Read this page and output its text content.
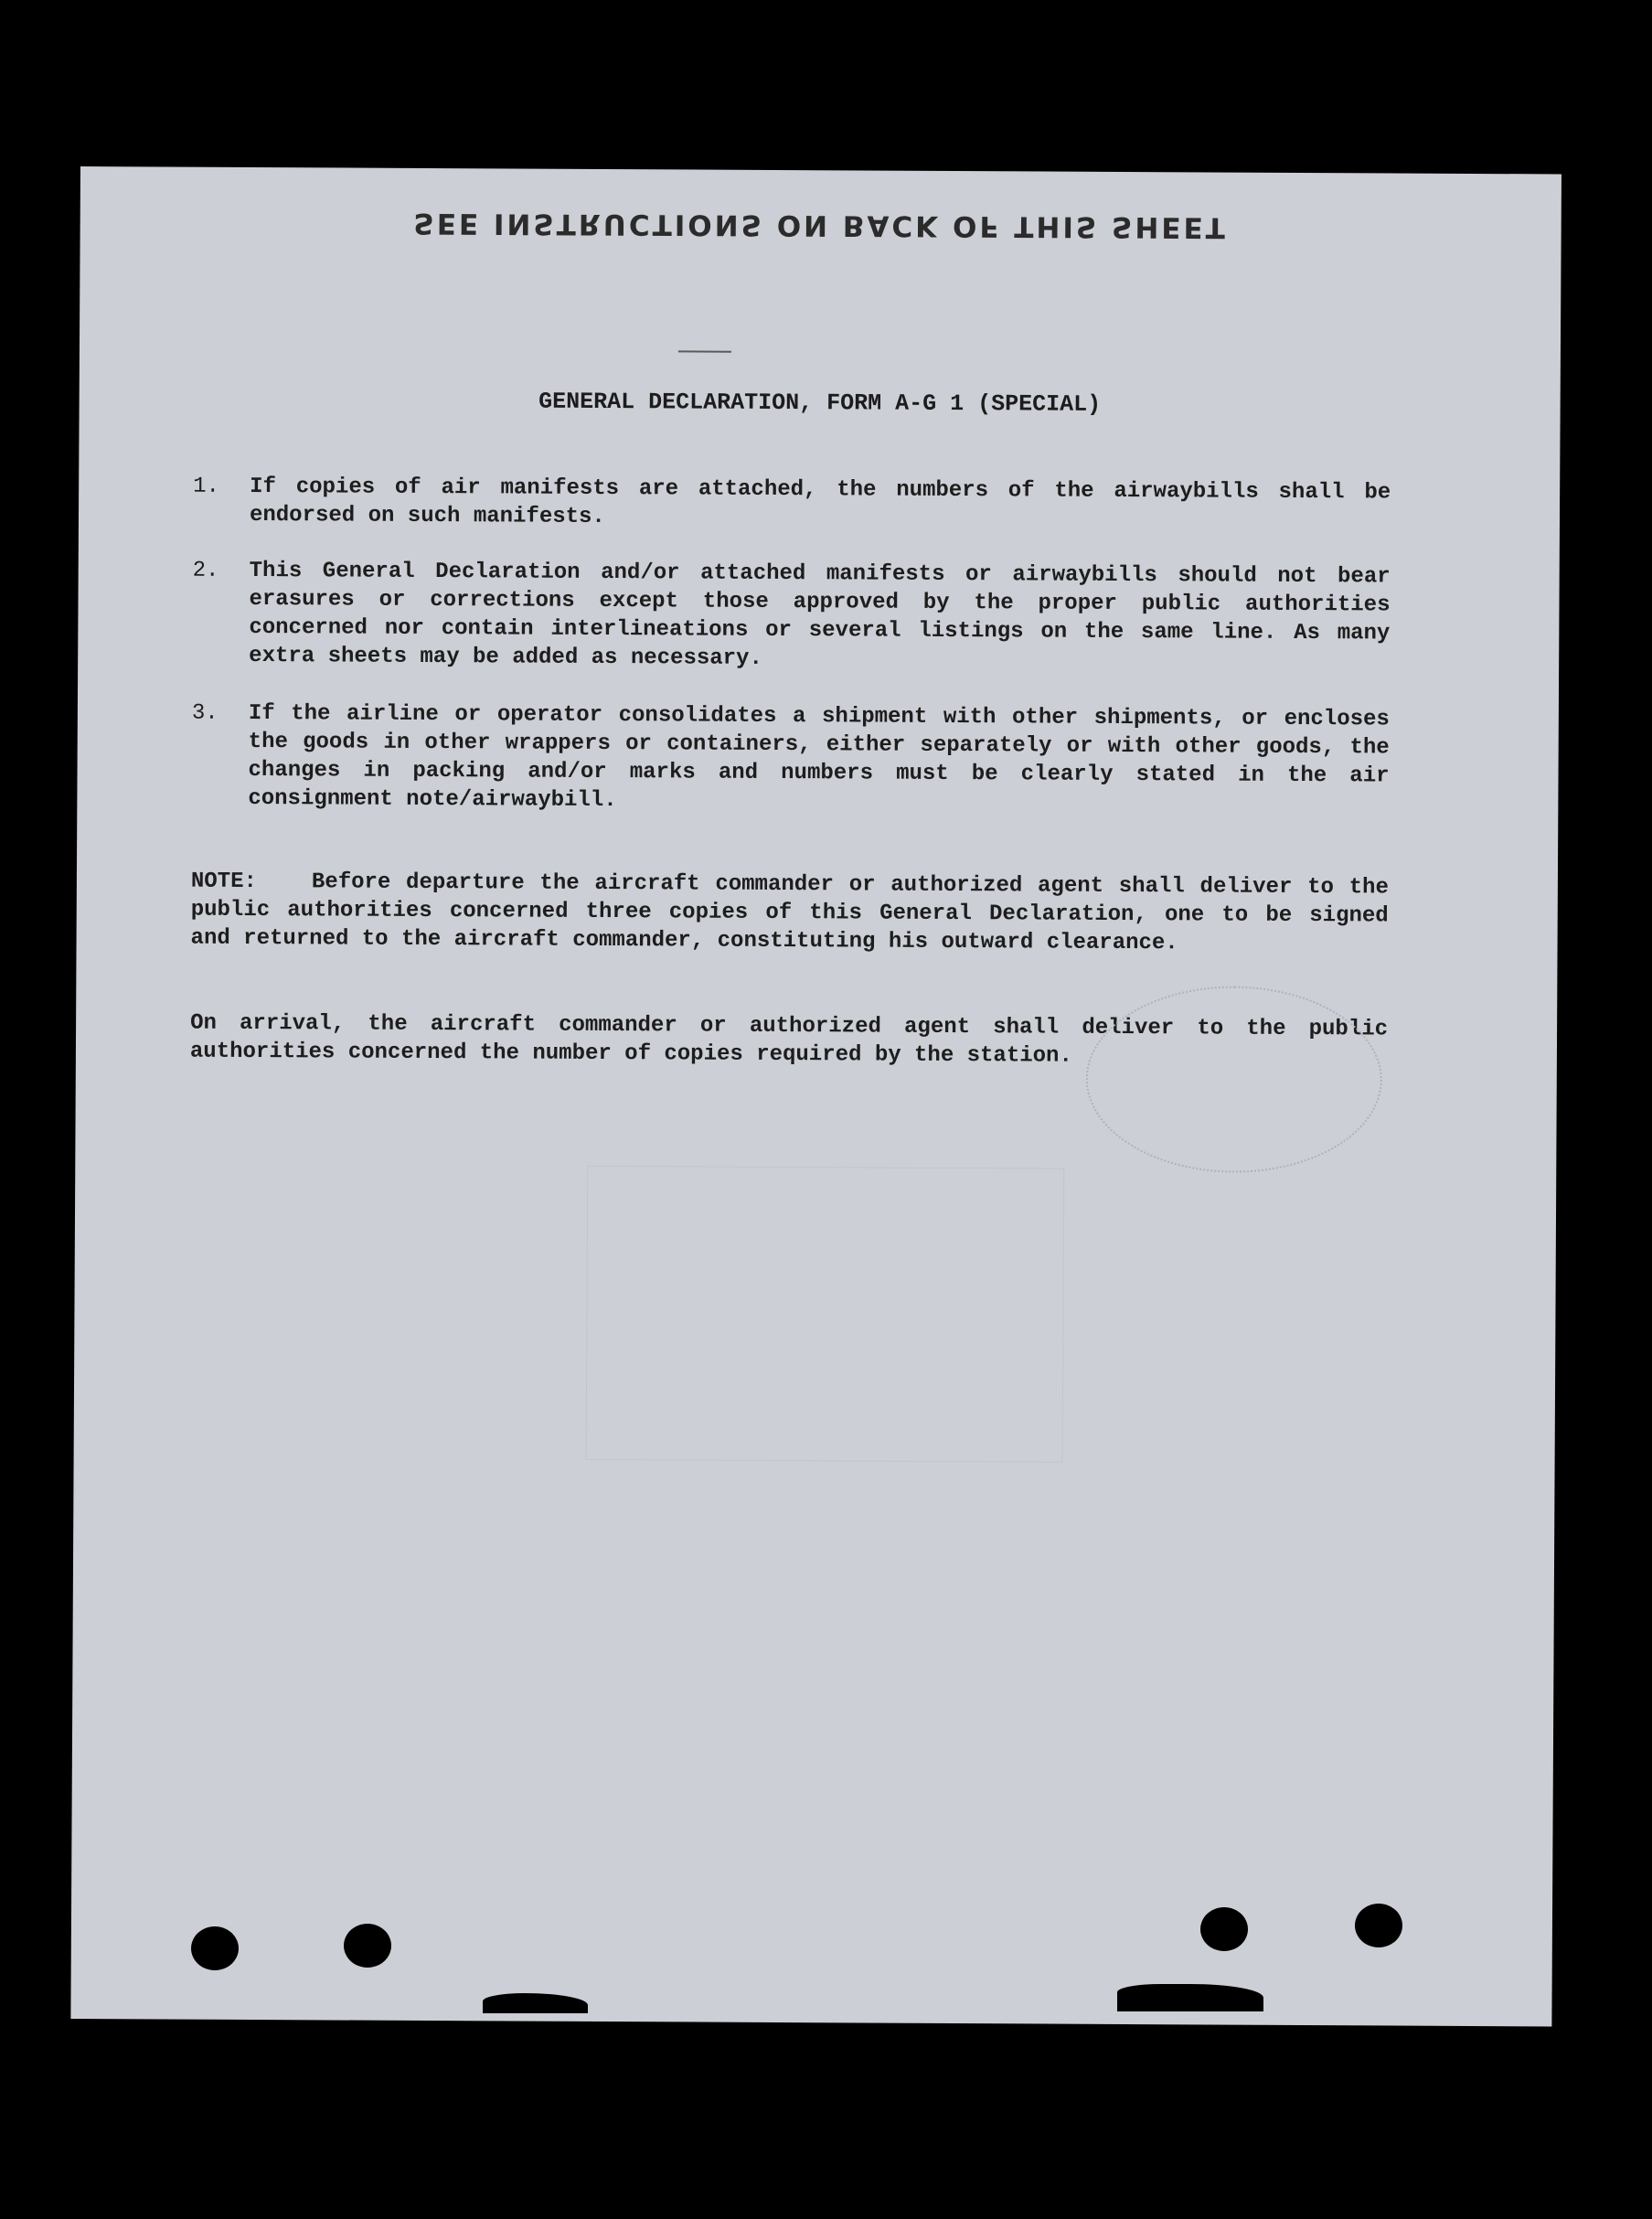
SEE INSTRUCTIONS ON BACK OF THIS SHEET
GENERAL DECLARATION, FORM A-G 1 (SPECIAL)
1. If copies of air manifests are attached, the numbers of the airwaybills shall be endorsed on such manifests.
2. This General Declaration and/or attached manifests or airwaybills should not bear erasures or corrections except those approved by the proper public authorities concerned nor contain interlineations or several listings on the same line. As many extra sheets may be added as necessary.
3. If the airline or operator consolidates a shipment with other shipments, or encloses the goods in other wrappers or containers, either separately or with other goods, the changes in packing and/or marks and numbers must be clearly stated in the air consignment note/airwaybill.
NOTE: Before departure the aircraft commander or authorized agent shall deliver to the public authorities concerned three copies of this General Declaration, one to be signed and returned to the aircraft commander, constituting his outward clearance.
On arrival, the aircraft commander or authorized agent shall deliver to the public authorities concerned the number of copies required by the station.
